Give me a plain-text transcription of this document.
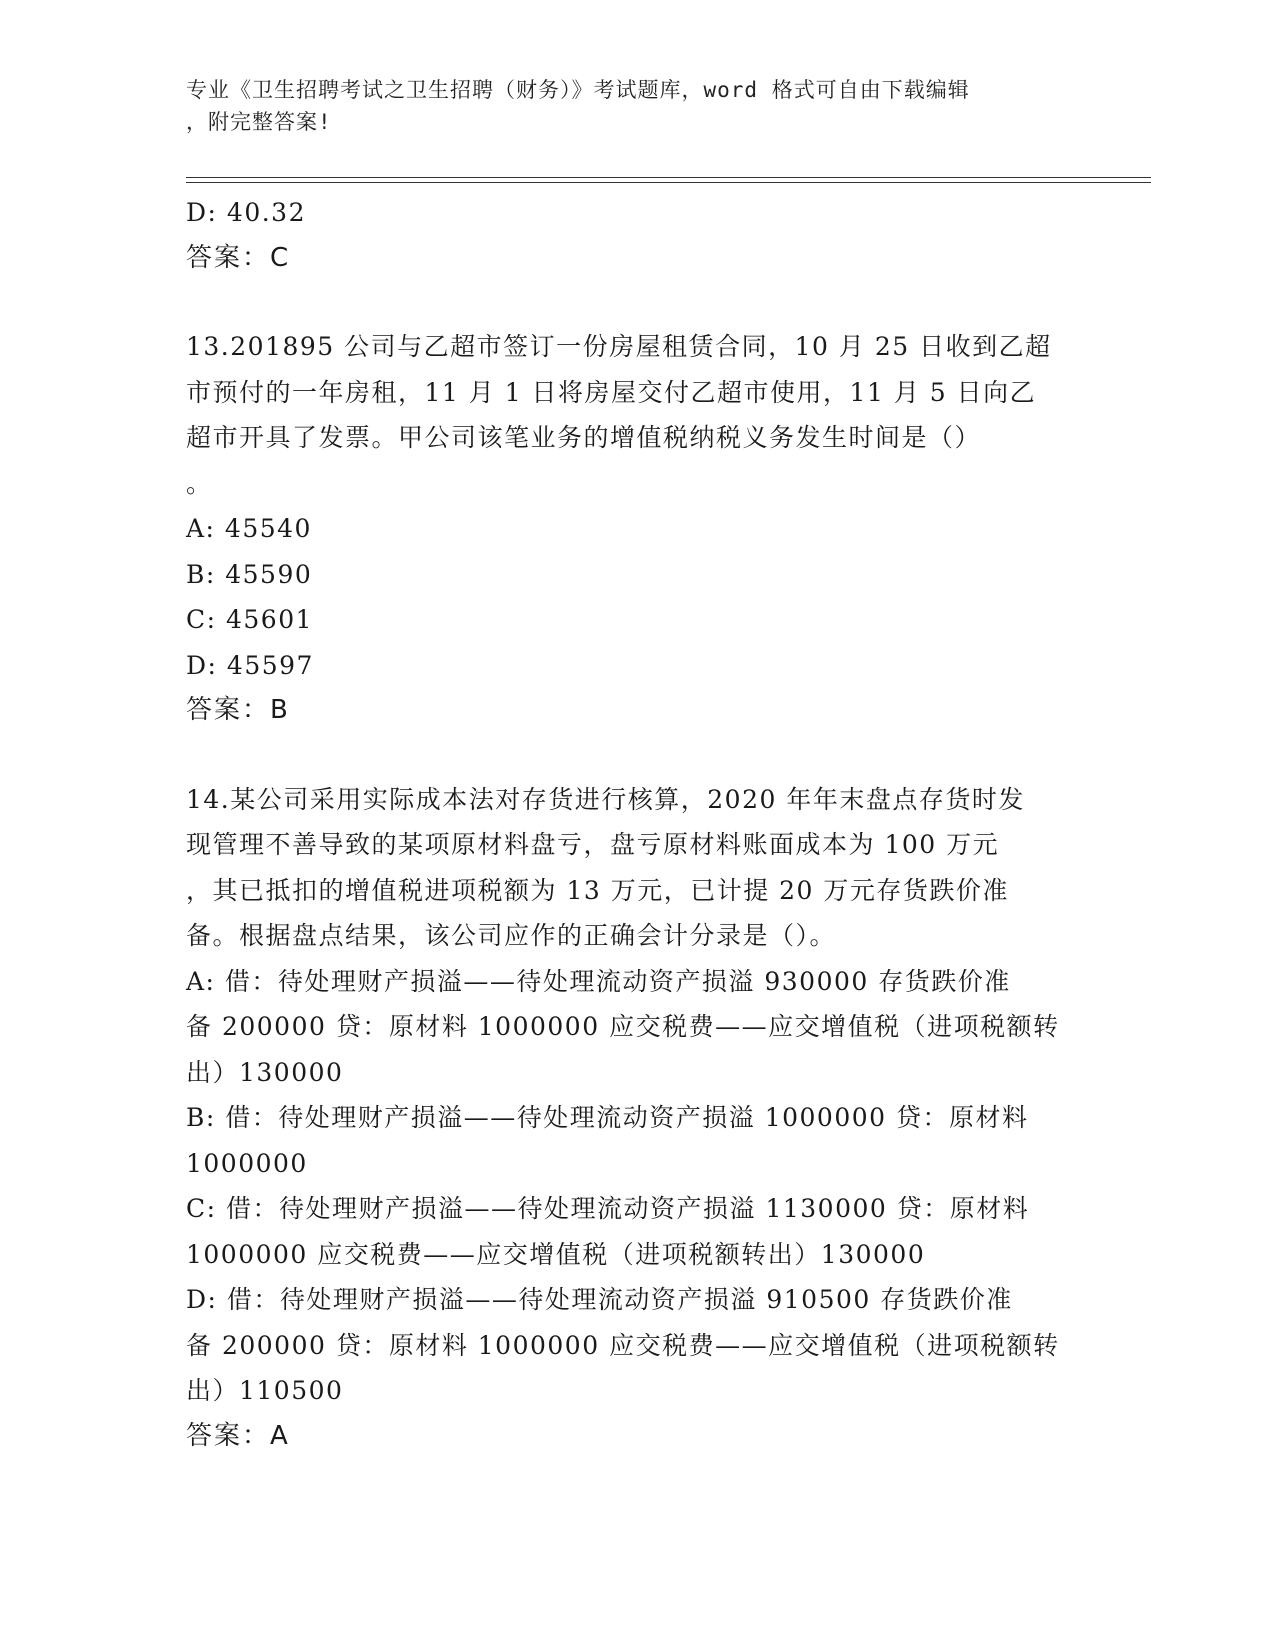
专业《卫生招聘考试之卫生招聘（财务）》考试题库，word 格式可自由下载编辑
，附完整答案!
D: 40.32
答案：C
13.201895 公司与乙超市签订一份房屋租赁合同，10 月 25 日收到乙超
市预付的一年房租，11 月 1 日将房屋交付乙超市使用，11 月 5 日向乙
超市开具了发票。甲公司该笔业务的增值税纳税义务发生时间是（）
。
A: 45540
B: 45590
C: 45601
D: 45597
答案：B
14.某公司采用实际成本法对存货进行核算，2020 年年末盘点存货时发
现管理不善导致的某项原材料盘亏，盘亏原材料账面成本为 100 万元
，其已抵扣的增值税进项税额为 13 万元，已计提 20 万元存货跌价准
备。根据盘点结果，该公司应作的正确会计分录是（）。
A: 借：待处理财产损溢——待处理流动资产损溢 930000 存货跌价准
备 200000 贷：原材料 1000000 应交税费——应交增值税（进项税额转
出）130000
B: 借：待处理财产损溢——待处理流动资产损溢 1000000 贷：原材料
1000000
C: 借：待处理财产损溢——待处理流动资产损溢 1130000 贷：原材料
1000000 应交税费——应交增值税（进项税额转出）130000
D: 借：待处理财产损溢——待处理流动资产损溢 910500 存货跌价准
备 200000 贷：原材料 1000000 应交税费——应交增值税（进项税额转
出）110500
答案：A
